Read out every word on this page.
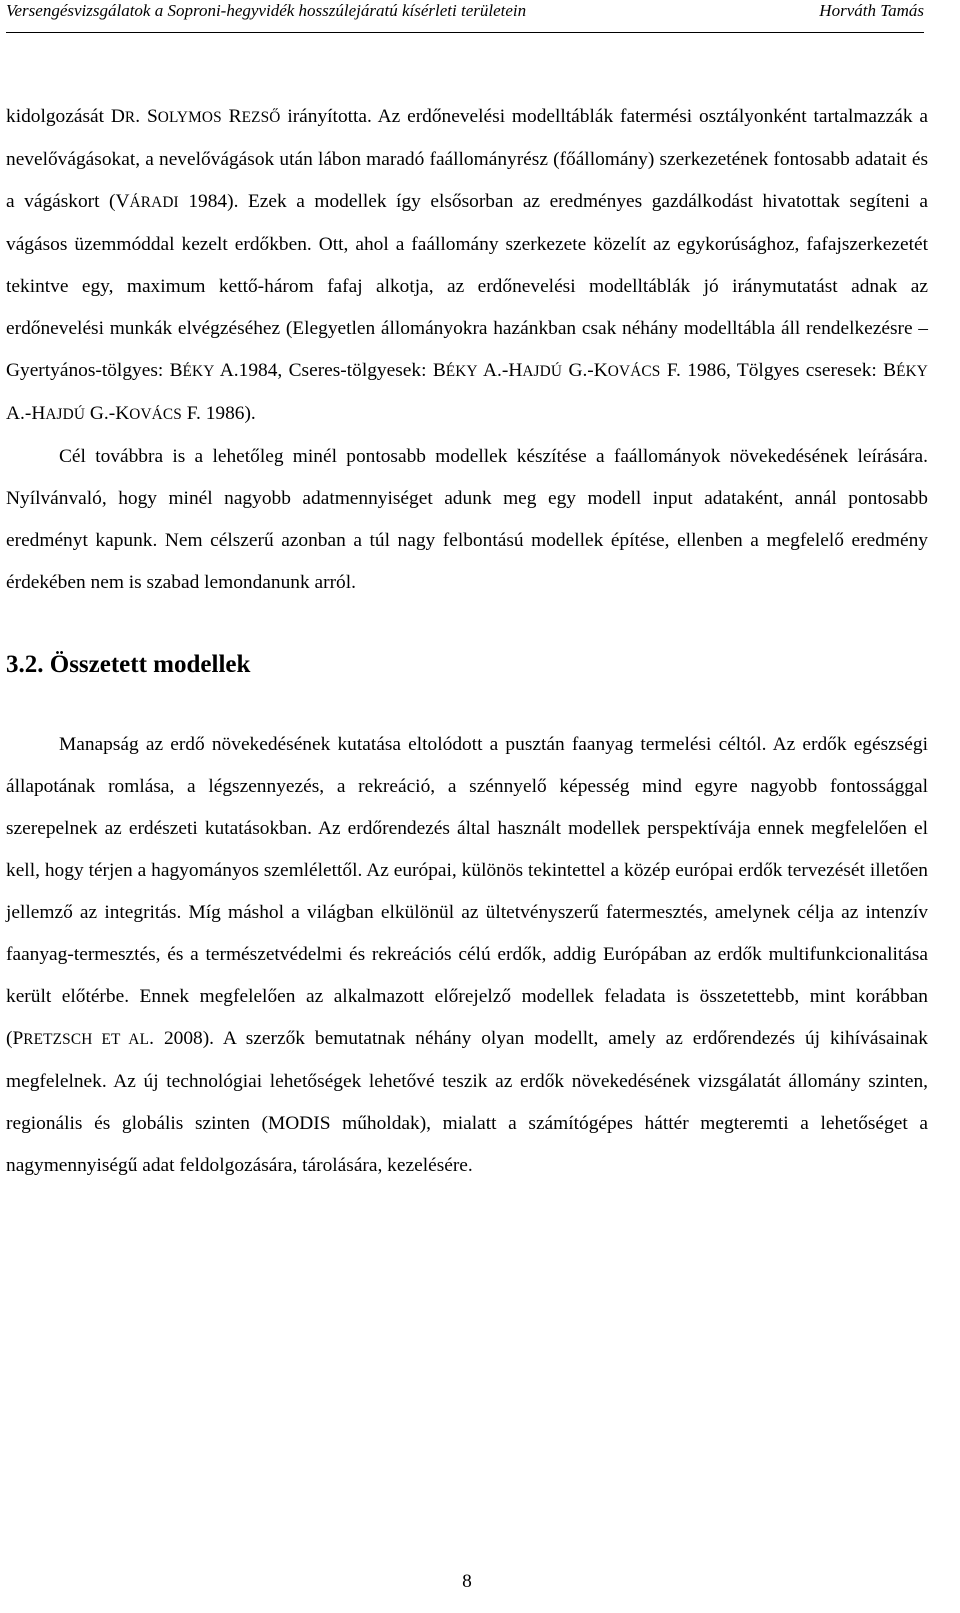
Versengésvizsgálatok a Soproni-hegyvidék hosszúlejáratú kísérleti területein	Horváth Tamás

kidolgozását DR. SOLYMOS REZSŐ irányította. Az erdőnevelési modelltáblák fatermési osztályonként tartalmazzák a nevelővágásokat, a nevelővágások után lábon maradó faállományrész (főállomány) szerkezetének fontosabb adatait és a vágáskort (VÁRADI 1984). Ezek a modellek így elsősorban az eredményes gazdálkodást hivatottak segíteni a vágásos üzemmóddal kezelt erdőkben. Ott, ahol a faállomány szerkezete közelít az egykorúsághoz, fafajszerkezetét tekintve egy, maximum kettő-három fafaj alkotja, az erdőnevelési modelltáblák jó iránymutatást adnak az erdőnevelési munkák elvégzéséhez (Elegyetlen állományokra hazánkban csak néhány modelltábla áll rendelkezésre – Gyertyános-tölgyes: BÉKY A.1984, Cseres-tölgyesek: BÉKY A.-HAJDÚ G.-KOVÁCS F. 1986, Tölgyes cseresek: BÉKY A.-HAJDÚ G.-KOVÁCS F. 1986).

Cél továbbra is a lehetőleg minél pontosabb modellek készítése a faállományok növekedésének leírására. Nyílvánvaló, hogy minél nagyobb adatmennyiséget adunk meg egy modell input adataként, annál pontosabb eredményt kapunk. Nem célszerű azonban a túl nagy felbontású modellek építése, ellenben a megfelelő eredmény érdekében nem is szabad lemondanunk arról.

3.2. Összetett modellek

Manapság az erdő növekedésének kutatása eltolódott a pusztán faanyag termelési céltól. Az erdők egészségi állapotának romlása, a légszennyezés, a rekreáció, a szénnyelő képesség mind egyre nagyobb fontossággal szerepelnek az erdészeti kutatásokban. Az erdőrendezés által használt modellek perspektívája ennek megfelelően el kell, hogy térjen a hagyományos szemlélettől. Az európai, különös tekintettel a közép európai erdők tervezését illetően jellemző az integritás. Míg máshol a világban elkülönül az ültetvényszerű fatermesztés, amelynek célja az intenzív faanyag-termesztés, és a természetvédelmi és rekreációs célú erdők, addig Európában az erdők multifunkcionalitása került előtérbe. Ennek megfelelően az alkalmazott előrejelző modellek feladata is összetettebb, mint korábban (PRETZSCH ET AL. 2008). A szerzők bemutatnak néhány olyan modellt, amely az erdőrendezés új kihívásainak megfelelnek. Az új technológiai lehetőségek lehetővé teszik az erdők növekedésének vizsgálatát állomány szinten, regionális és globális szinten (MODIS műholdak), mialatt a számítógépes háttér megteremti a lehetőséget a nagymennyiségű adat feldolgozására, tárolására, kezelésére.

8
